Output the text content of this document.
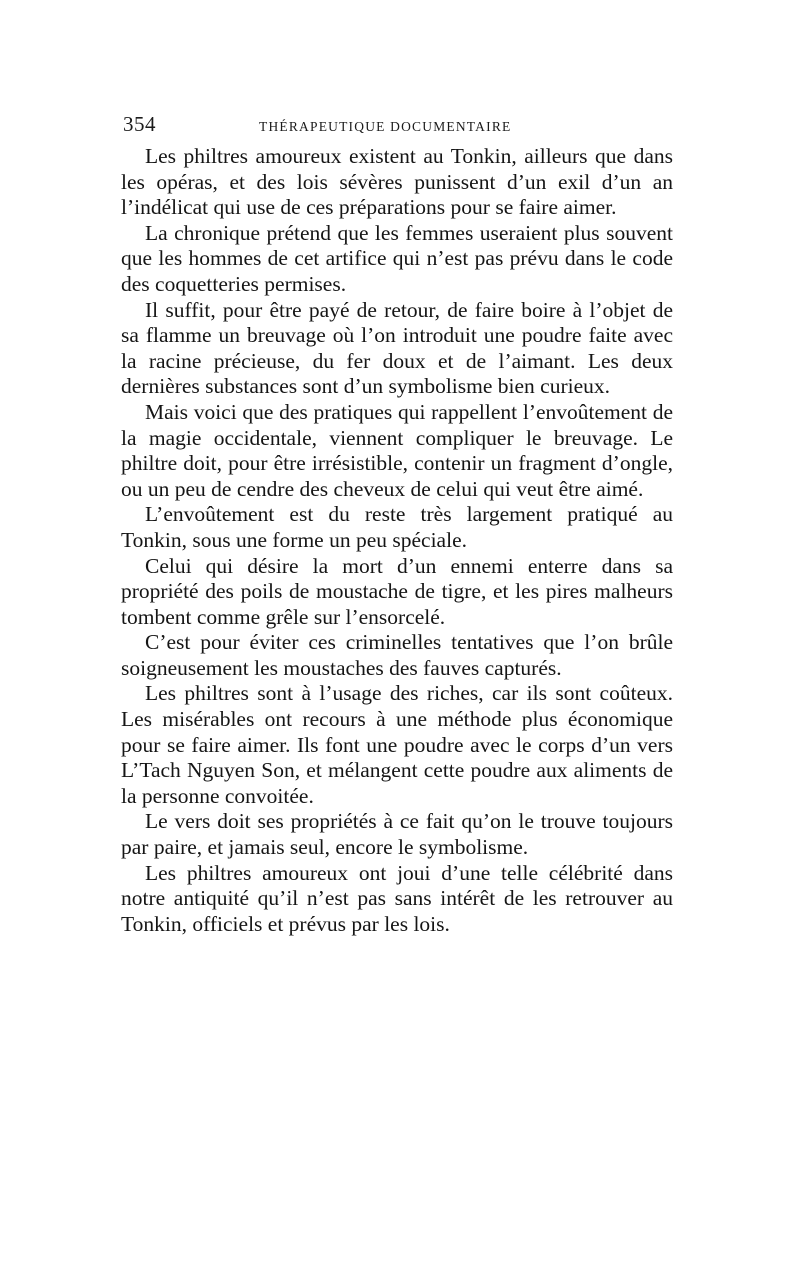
354	THÉRAPEUTIQUE DOCUMENTAIRE

Les philtres amoureux existent au Tonkin, ailleurs que dans les opéras, et des lois sévères punissent d’un exil d’un an l’indélicat qui use de ces préparations pour se faire aimer.

La chronique prétend que les femmes useraient plus souvent que les hommes de cet artifice qui n’est pas prévu dans le code des coquetteries permises.

Il suffit, pour être payé de retour, de faire boire à l’objet de sa flamme un breuvage où l’on introduit une poudre faite avec la racine précieuse, du fer doux et de l’aimant. Les deux dernières substances sont d’un symbolisme bien curieux.

Mais voici que des pratiques qui rappellent l’envoûtement de la magie occidentale, viennent compliquer le breuvage. Le philtre doit, pour être irrésistible, contenir un fragment d’ongle, ou un peu de cendre des cheveux de celui qui veut être aimé.

L’envoûtement est du reste très largement pratiqué au Tonkin, sous une forme un peu spéciale.

Celui qui désire la mort d’un ennemi enterre dans sa propriété des poils de moustache de tigre, et les pires malheurs tombent comme grêle sur l’ensorcelé.

C’est pour éviter ces criminelles tentatives que l’on brûle soigneusement les moustaches des fauves capturés.

Les philtres sont à l’usage des riches, car ils sont coûteux. Les misérables ont recours à une méthode plus économique pour se faire aimer. Ils font une poudre avec le corps d’un vers L’Tach Nguyen Son, et mélangent cette poudre aux aliments de la personne convoitée.

Le vers doit ses propriétés à ce fait qu’on le trouve toujours par paire, et jamais seul, encore le symbolisme.

Les philtres amoureux ont joui d’une telle célébrité dans notre antiquité qu’il n’est pas sans intérêt de les retrouver au Tonkin, officiels et prévus par les lois.
